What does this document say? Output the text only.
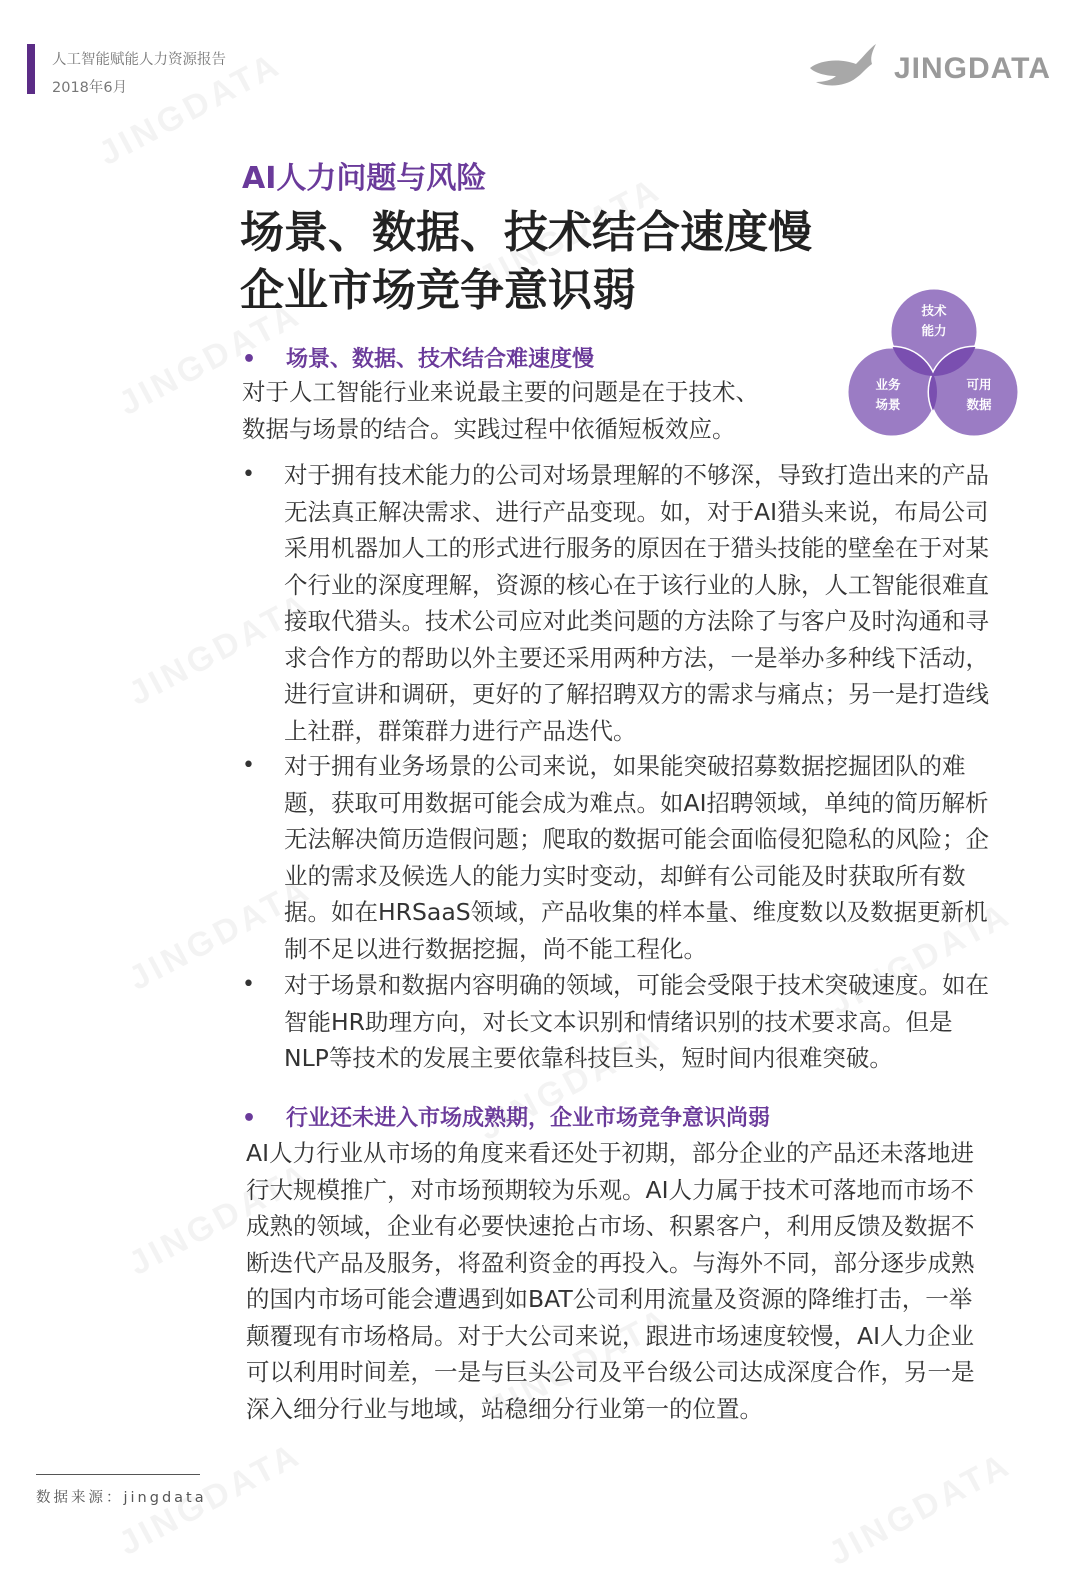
人工智能赋能人力资源报告
2018年6月
JINGDATA
AI人力问题与风险
场景、数据、技术结合速度慢
企业市场竞争意识弱	技术
能力
业务
场景
可用
数据
• 场景、数据、技术结合难速度慢
对于人工智能行业来说最主要的问题是在于技术、
数据与场景的结合。实践过程中依循短板效应。
• 对于拥有技术能力的公司对场景理解的不够深，导致打造出来的产品
无法真正解决需求、进行产品变现。如，对于AI猎头来说，布局公司
采用机器加人工的形式进行服务的原因在于猎头技能的壁垒在于对某
个行业的深度理解，资源的核心在于该行业的人脉，人工智能很难直
接取代猎头。技术公司应对此类问题的方法除了与客户及时沟通和寻
求合作方的帮助以外主要还采用两种方法，一是举办多种线下活动，
进行宣讲和调研，更好的了解招聘双方的需求与痛点；另一是打造线
上社群，群策群力进行产品迭代。
• 对于拥有业务场景的公司来说，如果能突破招募数据挖掘团队的难
题，获取可用数据可能会成为难点。如AI招聘领域，单纯的简历解析
无法解决简历造假问题；爬取的数据可能会面临侵犯隐私的风险；企
业的需求及候选人的能力实时变动，却鲜有公司能及时获取所有数
据。如在HRSaaS领域，产品收集的样本量、维度数以及数据更新机
制不足以进行数据挖掘，尚不能工程化。
• 对于场景和数据内容明确的领域，可能会受限于技术突破速度。如在
智能HR助理方向，对长文本识别和情绪识别的技术要求高。但是
NLP等技术的发展主要依靠科技巨头，短时间内很难突破。
• 行业还未进入市场成熟期，企业市场竞争意识尚弱
AI人力行业从市场的角度来看还处于初期，部分企业的产品还未落地进
行大规模推广，对市场预期较为乐观。AI人力属于技术可落地而市场不
成熟的领域，企业有必要快速抢占市场、积累客户，利用反馈及数据不
断迭代产品及服务，将盈利资金的再投入。与海外不同，部分逐步成熟
的国内市场可能会遭遇到如BAT公司利用流量及资源的降维打击，一举
颠覆现有市场格局。对于大公司来说，跟进市场速度较慢，AI人力企业
可以利用时间差，一是与巨头公司及平台级公司达成深度合作，另一是
深入细分行业与地域，站稳细分行业第一的位置。
数据来源：jingdata
